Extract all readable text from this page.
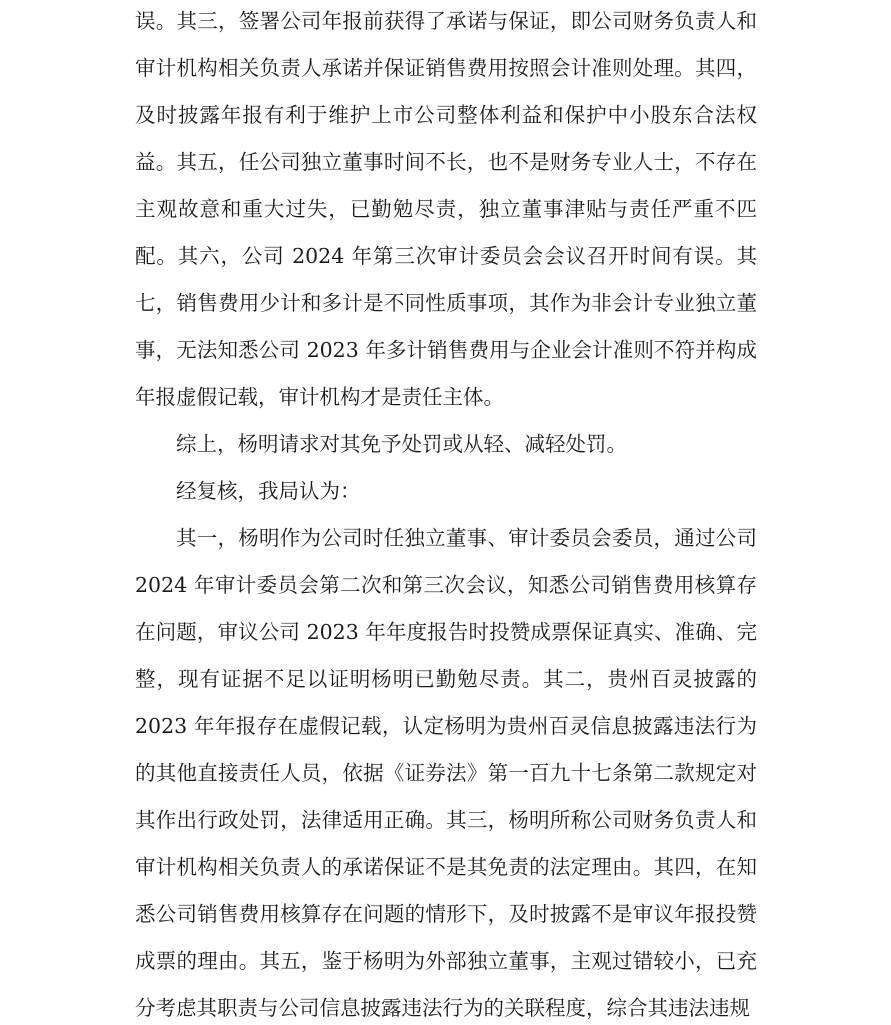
误。其三，签署公司年报前获得了承诺与保证，即公司财务负责人和审计机构相关负责人承诺并保证销售费用按照会计准则处理。其四，及时披露年报有利于维护上市公司整体利益和保护中小股东合法权益。其五，任公司独立董事时间不长，也不是财务专业人士，不存在主观故意和重大过失，已勤勉尽责，独立董事津贴与责任严重不匹配。其六，公司 2024 年第三次审计委员会会议召开时间有误。其七，销售费用少计和多计是不同性质事项，其作为非会计专业独立董事，无法知悉公司 2023 年多计销售费用与企业会计准则不符并构成年报虚假记载，审计机构才是责任主体。

综上，杨明请求对其免予处罚或从轻、减轻处罚。

经复核，我局认为：

其一，杨明作为公司时任独立董事、审计委员会委员，通过公司 2024 年审计委员会第二次和第三次会议，知悉公司销售费用核算存在问题，审议公司 2023 年年度报告时投赞成票保证真实、准确、完整，现有证据不足以证明杨明已勤勉尽责。其二，贵州百灵披露的 2023 年年报存在虚假记载，认定杨明为贵州百灵信息披露违法行为的其他直接责任人员，依据《证券法》第一百九十七条第二款规定对其作出行政处罚，法律适用正确。其三，杨明所称公司财务负责人和审计机构相关负责人的承诺保证不是其免责的法定理由。其四，在知悉公司销售费用核算存在问题的情形下，及时披露不是审议年报投赞成票的理由。其五，鉴于杨明为外部独立董事，主观过错较小，已充分考虑其职责与公司信息披露违法行为的关联程度，综合其违法违规
